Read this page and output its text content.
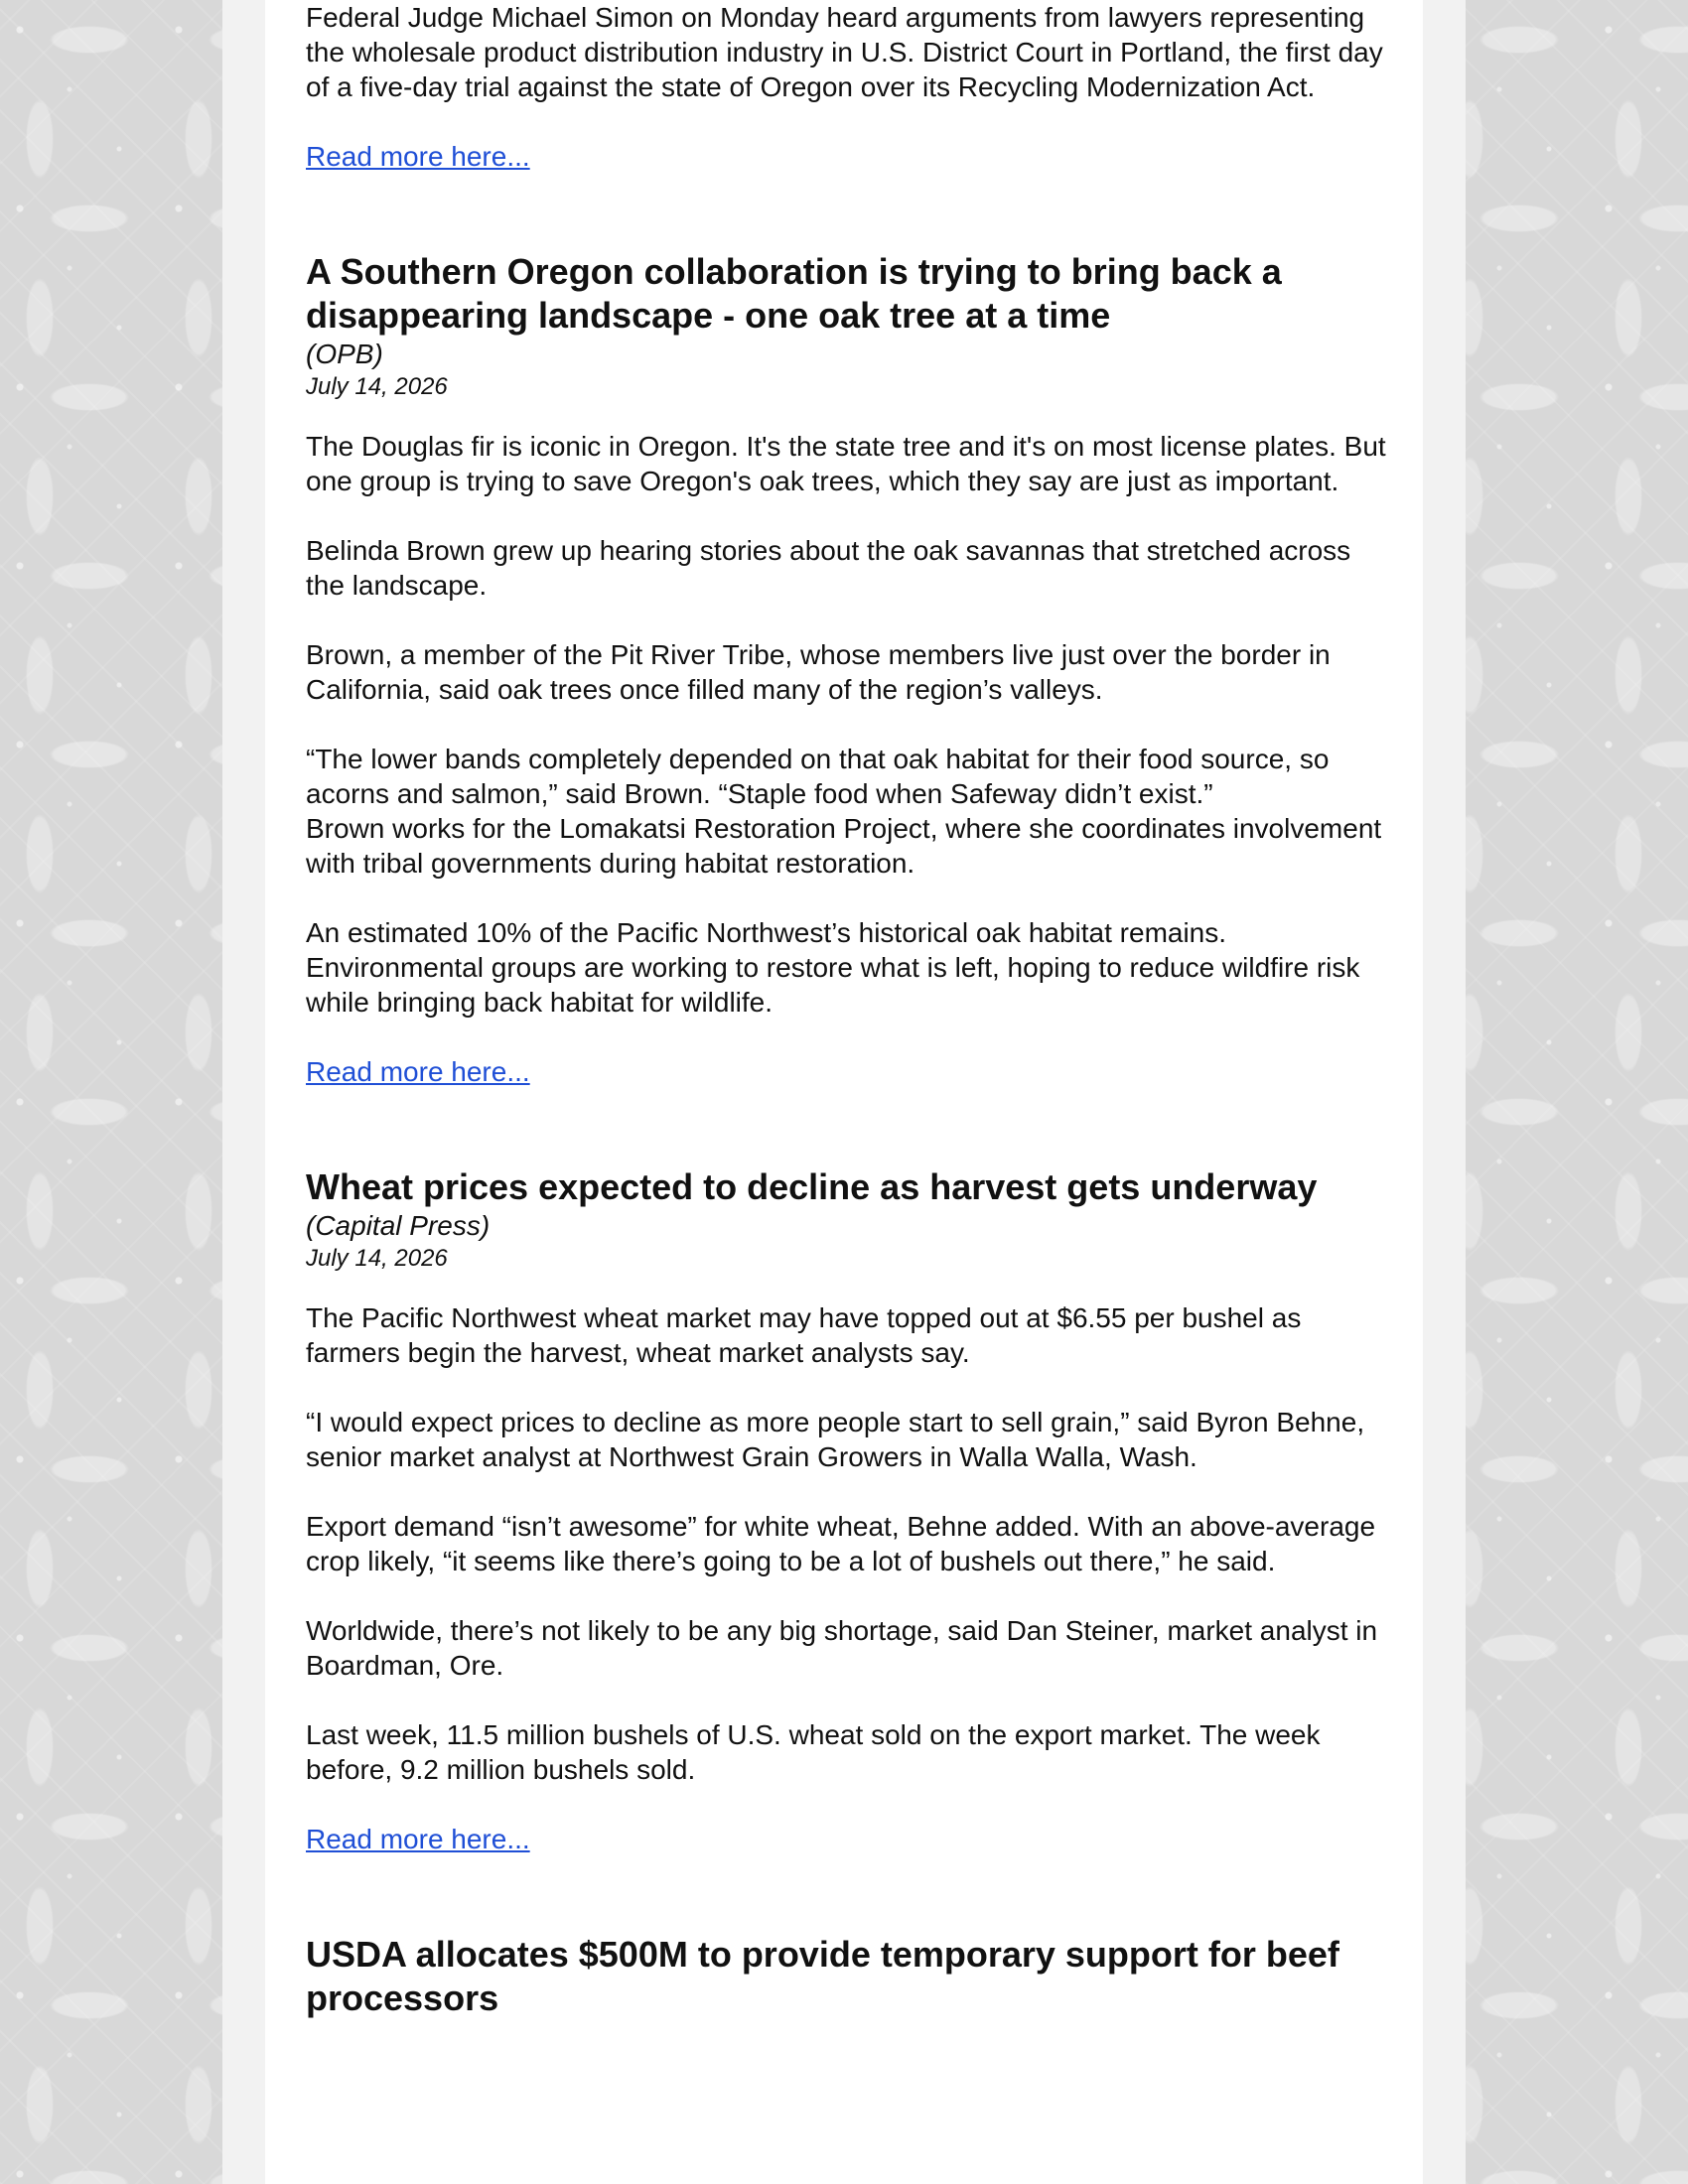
Federal Judge Michael Simon on Monday heard arguments from lawyers representing the wholesale product distribution industry in U.S. District Court in Portland, the first day of a five-day trial against the state of Oregon over its Recycling Modernization Act.

Read more here...
A Southern Oregon collaboration is trying to bring back a disappearing landscape - one oak tree at a time

(OPB)

July 14, 2026

The Douglas fir is iconic in Oregon. It's the state tree and it's on most license plates. But one group is trying to save Oregon's oak trees, which they say are just as important.

Belinda Brown grew up hearing stories about the oak savannas that stretched across the landscape.

Brown, a member of the Pit River Tribe, whose members live just over the border in California, said oak trees once filled many of the region’s valleys.

“The lower bands completely depended on that oak habitat for their food source, so acorns and salmon,” said Brown. “Staple food when Safeway didn’t exist.”

Brown works for the Lomakatsi Restoration Project, where she coordinates involvement with tribal governments during habitat restoration.

An estimated 10% of the Pacific Northwest’s historical oak habitat remains. Environmental groups are working to restore what is left, hoping to reduce wildfire risk while bringing back habitat for wildlife.

Read more here...
Wheat prices expected to decline as harvest gets underway

(Capital Press)

July 14, 2026

The Pacific Northwest wheat market may have topped out at $6.55 per bushel as farmers begin the harvest, wheat market analysts say.

“I would expect prices to decline as more people start to sell grain,” said Byron Behne, senior market analyst at Northwest Grain Growers in Walla Walla, Wash.

Export demand “isn’t awesome” for white wheat, Behne added. With an above-average crop likely, “it seems like there’s going to be a lot of bushels out there,” he said.

Worldwide, there’s not likely to be any big shortage, said Dan Steiner, market analyst in Boardman, Ore.

Last week, 11.5 million bushels of U.S. wheat sold on the export market. The week before, 9.2 million bushels sold.

Read more here...
USDA allocates $500M to provide temporary support for beef processors
